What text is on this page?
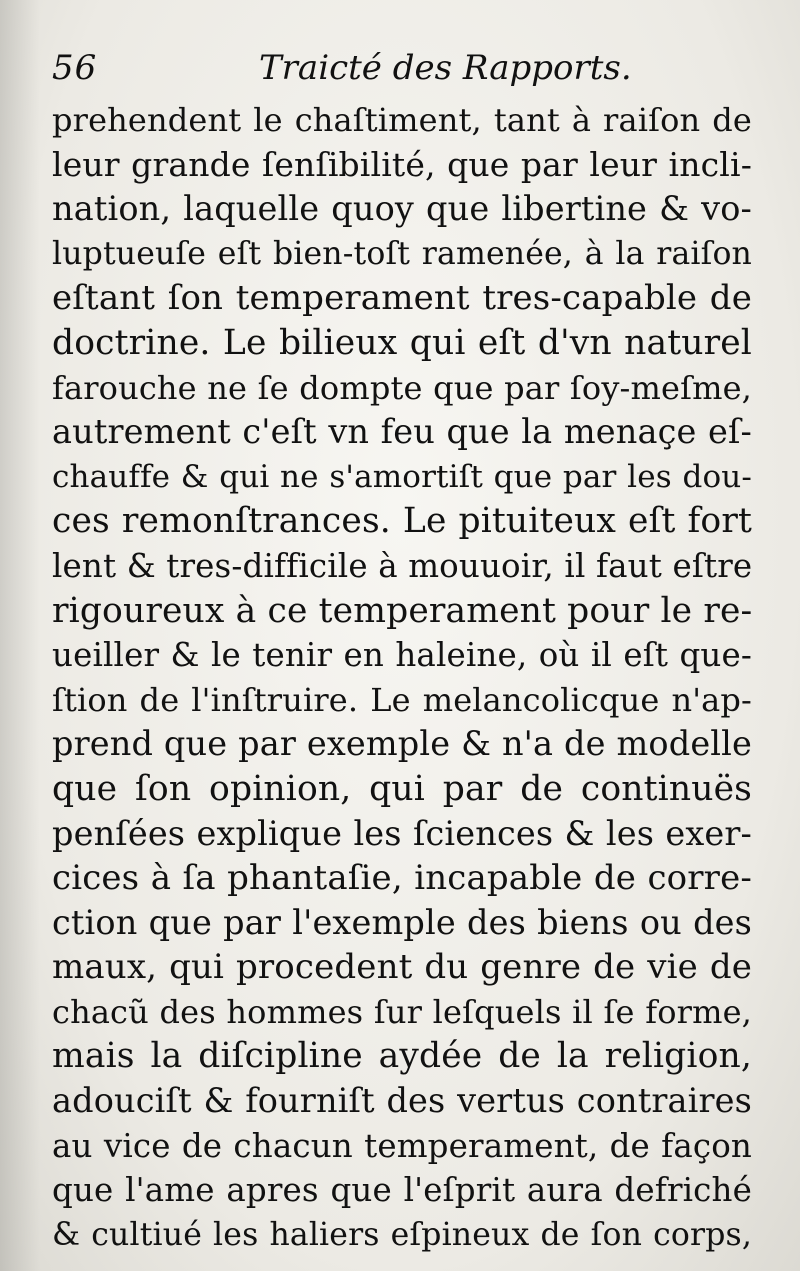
56	Traicté des Rapports.
prehendent le chaſtiment, tant à raiſon de
leur grande ſenſibilité, que par leur incli-
nation, laquelle quoy que libertine & vo-
luptueuſe eſt bien-toſt ramenée, à la raiſon
eſtant ſon temperament tres-capable de
doctrine. Le bilieux qui eſt d'vn naturel
farouche ne ſe dompte que par ſoy-meſme,
autrement c'eſt vn feu que la menaçe eſ-
chauffe & qui ne s'amortiſt que par les dou-
ces remonſtrances. Le pituiteux eſt fort
lent & tres-difficile à mouuoir, il faut eſtre
rigoureux à ce temperament pour le re-
ueiller & le tenir en haleine, où il eſt que-
ſtion de l'inſtruire. Le melancolicque n'ap-
prend que par exemple & n'a de modelle
que ſon opinion, qui par de continuës
penſées explique les ſciences & les exer-
cices à ſa phantaſie, incapable de corre-
ction que par l'exemple des biens ou des
maux, qui procedent du genre de vie de
chacũ des hommes ſur leſquels il ſe forme,
mais la diſcipline aydée de la religion,
adouciſt & fourniſt des vertus contraires
au vice de chacun temperament, de façon
que l'ame apres que l'eſprit aura defriché
& cultiué les haliers eſpineux de ſon corps,
